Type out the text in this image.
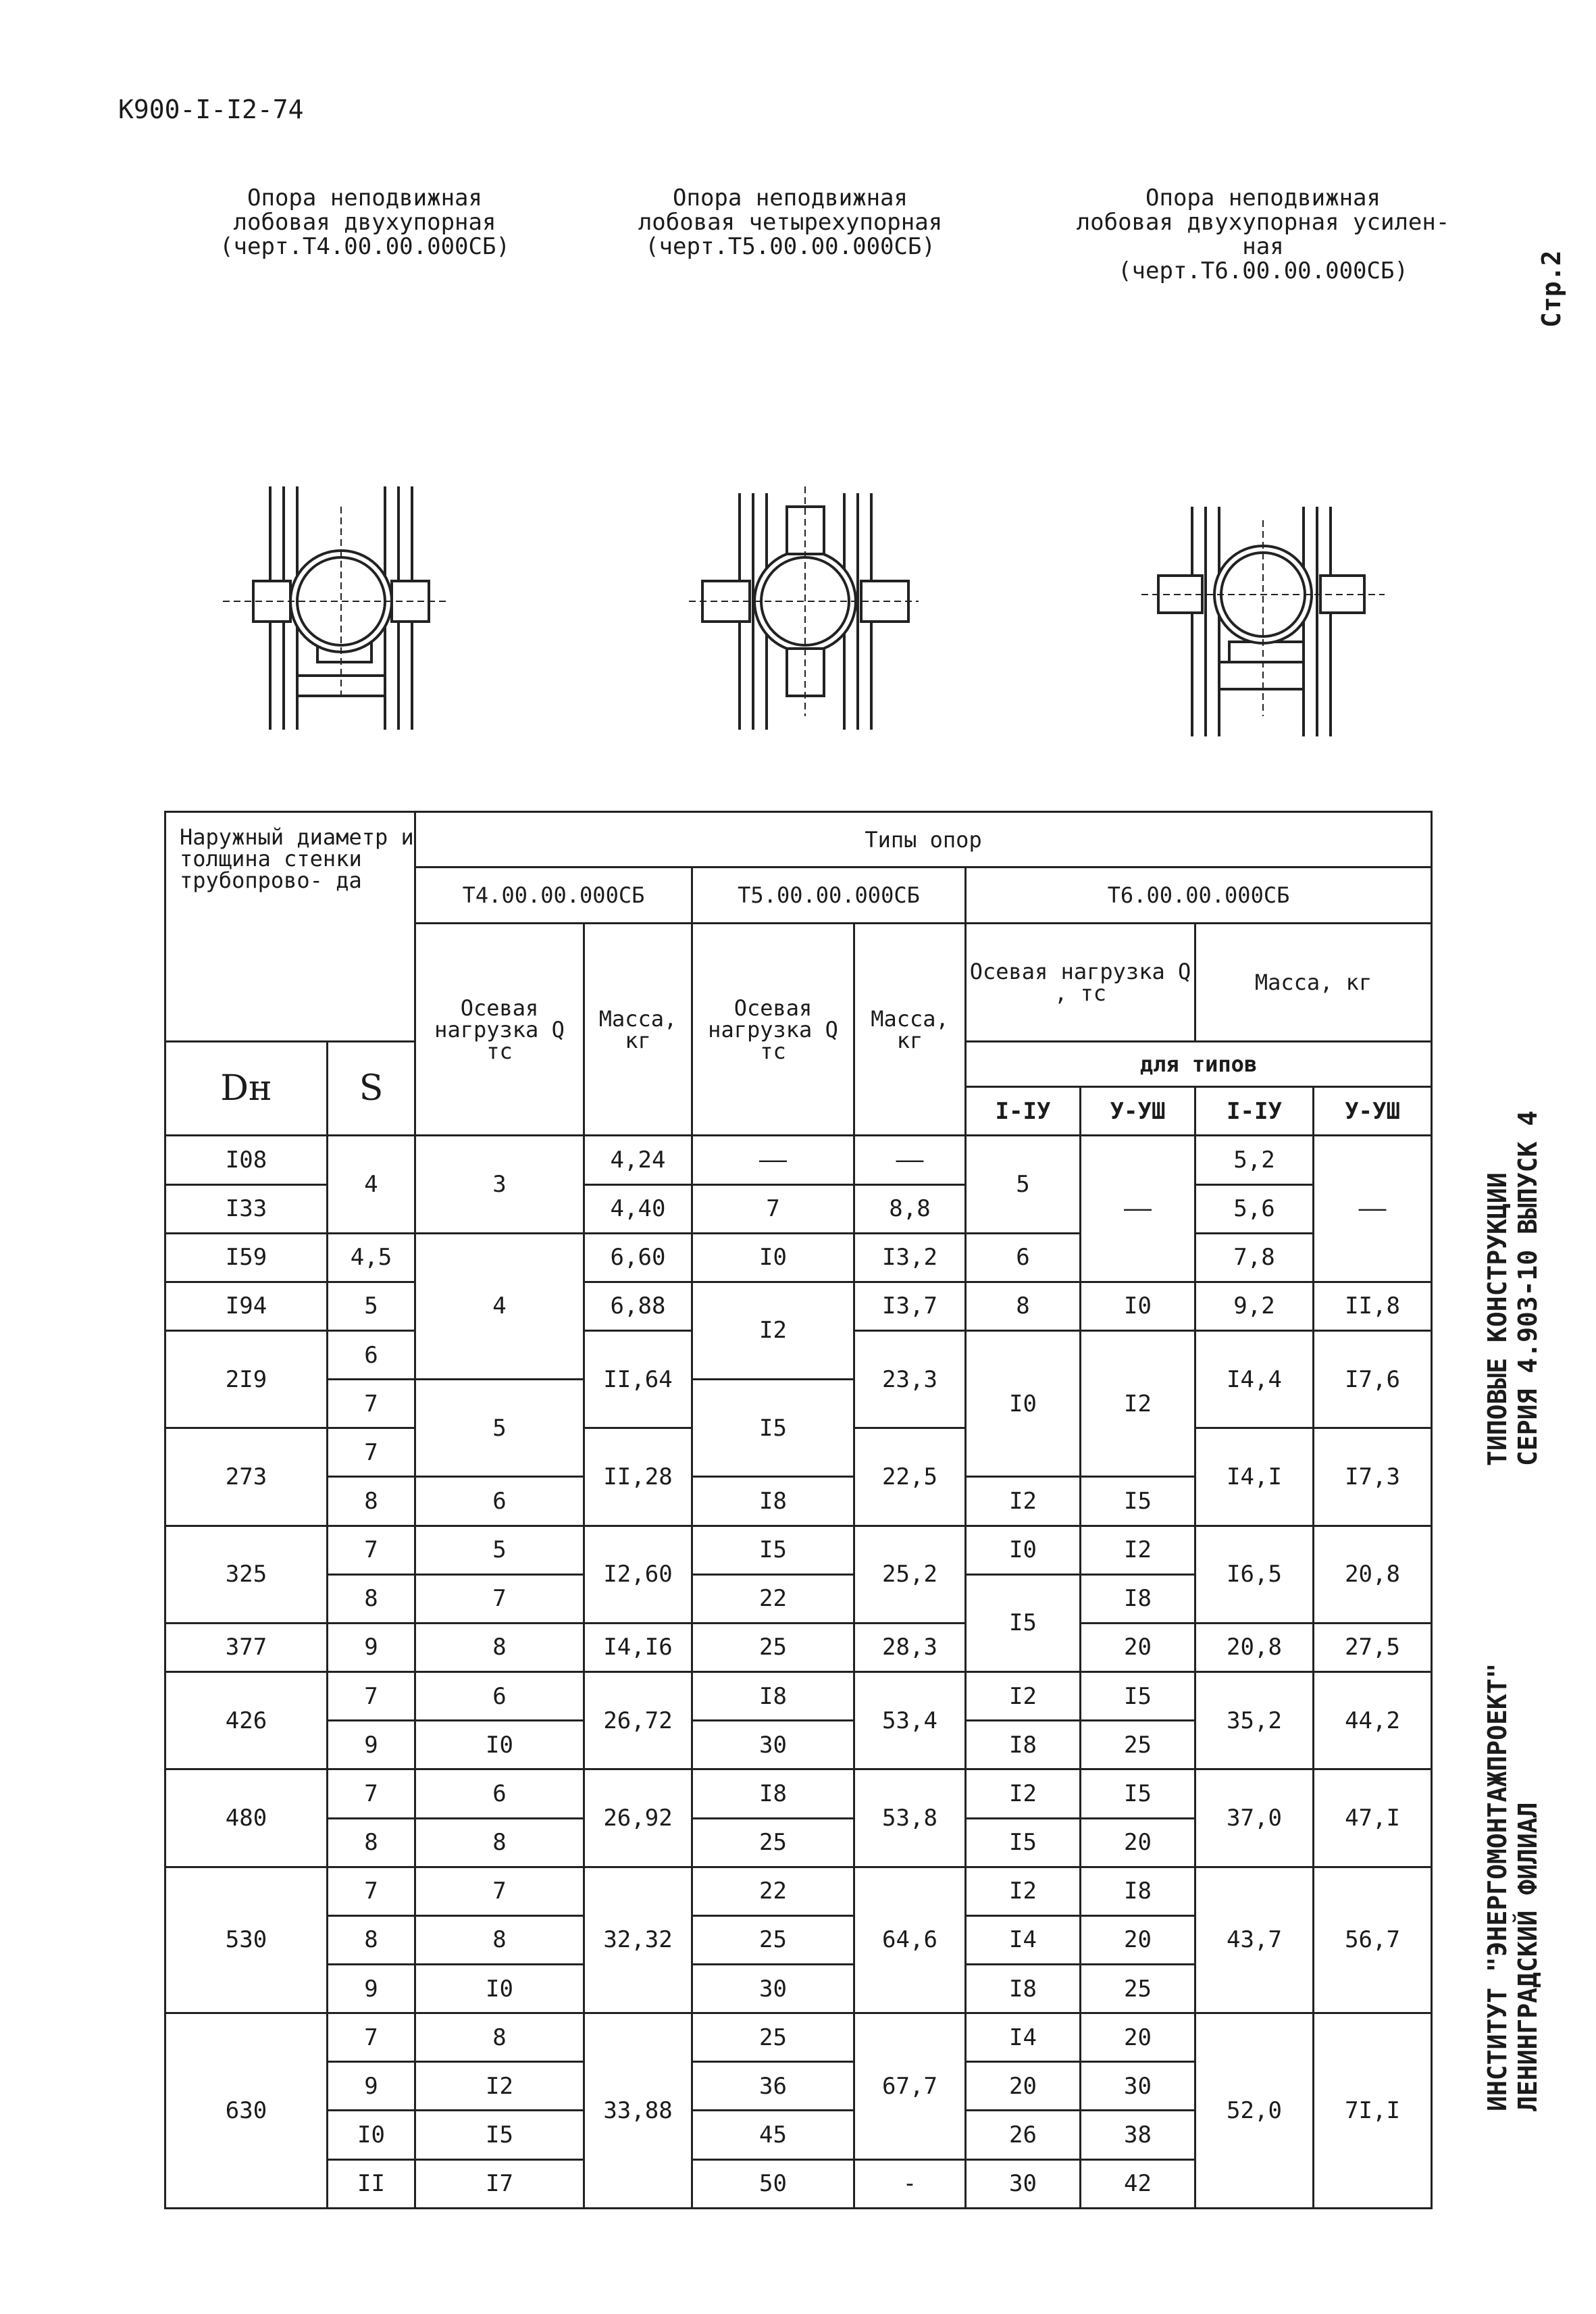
К900-I-I2-74
Опора неподвижная
лобовая двухупорная
(черт.Т4.00.00.000СБ)
Опора неподвижная
лобовая четырехупорная
(черт.Т5.00.00.000СБ)
Опора неподвижная
лобовая двухупорная усилен-
ная
(черт.Т6.00.00.000СБ)	Стр.2
ТИПОВЫЕ КОНСТРУКЦИИ СЕРИЯ 4.903-10 ВЫПУСК 4
ИНСТИТУТ "ЭНЕРГОМОНТАЖПРОЕКТ" ЛЕНИНГРАДСКИЙ ФИЛИАЛ
Наружный диаметр и толщина стенки трубопрово- да		Типы опор							
		Т4.00.00.000СБ		Т5.00.00.000СБ		Т6.00.00.000СБ			
		Осевая нагрузка Q тс	Масса, кг	Осевая нагрузка Q тс	Масса, кг	Осевая нагрузка Q , тс		Масса, кг	
Dн	S					для типов			
						I-IУ	У-УШ	I-IУ	У-УШ
I08	4	3	4,24	——	——	5	——	5,2	——
I33			4,40	7	8,8			5,6	
I59	4,5	4	6,60	I0	I3,2	6		7,8	
I94	5		6,88	I2	I3,7	8	I0	9,2	II,8
2I9	6		II,64		23,3	I0	I2	I4,4	I7,6
	7	5		I5					
273	7		II,28		22,5			I4,I	I7,3
	8	6		I8		I2	I5		
325	7	5	I2,60	I5	25,2	I0	I2	I6,5	20,8
	8	7		22		I5	I8		
377	9	8	I4,I6	25	28,3		20	20,8	27,5
426	7	6	26,72	I8	53,4	I2	I5	35,2	44,2
	9	I0		30		I8	25		
480	7	6	26,92	I8	53,8	I2	I5	37,0	47,I
	8	8		25		I5	20		
530	7	7	32,32	22	64,6	I2	I8	43,7	56,7
	8	8		25		I4	20		
	9	I0		30		I8	25		
630	7	8	33,88	25	67,7	I4	20	52,0	7I,I
	9	I2		36		20	30		
	I0	I5		45		26	38		
	II	I7		50	-	30	42		
